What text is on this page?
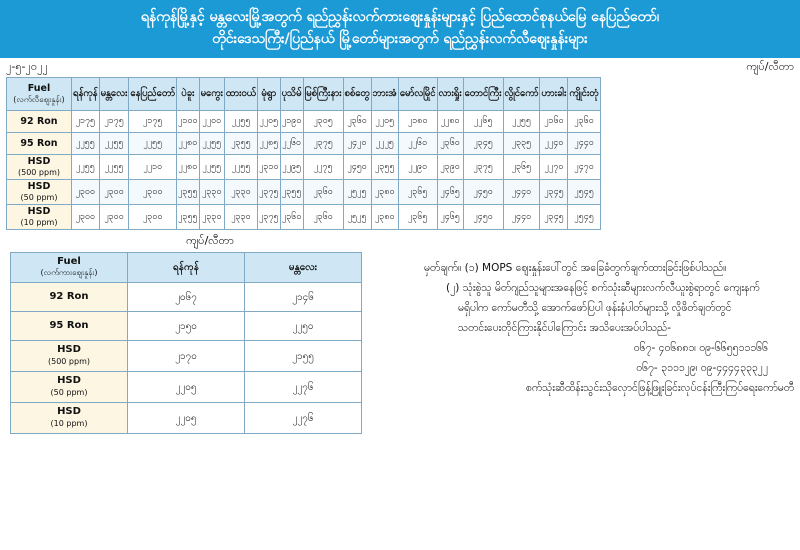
ရန်ကုန်မြို့နှင့် မန္တလေးမြို့အတွက် ရည်ညွှန်းလက်ကားဈေးနှုန်းများနှင့် ပြည်ထောင်စုနယ်မြေ နေပြည်တော်၊
တိုင်းဒေသကြီး/ပြည်နယ် မြို့တော်များအတွက် ရည်ညွှန်းလက်လီဈေးနှုန်းများ
၂-၅-၂၀၂၂	ကျပ်/လီတာ
Fuel
(လက်လီဈေးနှုန်း)	ရန်ကုန်	မန္တလေး	နေပြည်တော်	ပဲခူး	မကွေး	ထားဝယ်	မုံရွာ	ပုသိမ်	မြစ်ကြီးနား	စစ်တွေ	ဘားအံ	မော်လမြိုင်	လားရှိုး	တောင်ကြီး	လွိုင်ကော်	ဟားခါး	ကျိုင်းတုံ
92 Ron	၂၁၇၅	၂၁၇၅	၂၁၇၅	၂၁၀၀	၂၂၀၀	၂၂၅၅	၂၂၀၅	၂၁၉၀	၂၃၀၅	၂၃၆၀	၂၂၀၅	၂၁၈၀	၂၂၈၀	၂၂၆၅	၂၂၅၅	၂၁၆၀	၂၃၆၀
95 Ron	၂၂၅၅	၂၂၅၅	၂၂၅၅	၂၂၈၀	၂၂၅၅	၂၃၅၅	၂၂၈၅	၂၂၆၀	၂၃၇၅	၂၄၂၀	၂၂၂၅	၂၂၆၀	၂၃၆၀	၂၃၄၅	၂၃၃၅	၂၂၄၀	၂၄၄၀
HSD
(500 ppm)	၂၂၅၅	၂၂၅၅	၂၂၁၀	၂၂၈၀	၂၂၅၅	၂၂၅၅	၂၃၁၀	၂၂၉၅	၂၂၇၅	၂၄၅၀	၂၃၅၅	၂၂၉၀	၂၃၉၀	၂၃၇၅	၂၃၆၅	၂၂၇၀	၂၄၇၀
HSD
(50 ppm)	၂၃၀၀	၂၃၀၀	၂၃၀၀	၂၃၅၅	၂၃၃၀	၂၃၃၀	၂၃၇၅	၂၃၅၅	၂၃၆၀	၂၅၂၅	၂၃၈၀	၂၃၆၅	၂၄၆၅	၂၄၅၀	၂၄၄၀	၂၃၄၅	၂၅၄၅
HSD
(10 ppm)	၂၃၀၀	၂၃၀၀	၂၃၀၀	၂၃၅၅	၂၃၃၀	၂၃၃၀	၂၃၇၅	၂၃၆၀	၂၃၆၀	၂၅၂၅	၂၃၈၀	၂၃၆၅	၂၄၆၅	၂၄၅၀	၂၄၄၀	၂၃၄၅	၂၅၄၅
ကျပ်/လီတာ
Fuel
(လက်ကားဈေးနှုန်း)	ရန်ကုန်	မန္တလေး
92 Ron	၂၀၆၇	၂၁၄၆
95 Ron	၂၁၅၀	၂၂၅၀
HSD
(500 ppm)	၂၁၇၀	၂၁၅၅
HSD
(50 ppm)	၂၂၀၅	၂၂၇၆
HSD
(10 ppm)	၂၂၀၅	၂၂၇၆
မှတ်ချက်။ (၁) MOPS ဈေးနှုန်းပေါ်တွင် အခြေခံတွက်ချက်ထားခြင်းဖြစ်ပါသည်။
(၂) သုံးစွဲသူ မိတ်ဂျည်သူများအနေဖြင့် စက်သုံးဆီများလက်လီယူးစွဲရာတွင် ကျေးနက်
မရှိပါက ကော်မတီသို့ အောက်ဖော်ပြပါ ဖုန်းနံပါတ်များသို့ လှိုဖိတ်ချတ်တွင်
သတင်းပေးတိုင်ကြားနိုင်ပါကြောင်း အသိပေးအပ်ပါသည်-
၀၆၇- ၄၀၆၈၈၁၊ ၀၉-၆၆၅၅၁၁၁၆၆
၀၆၇- ၃၁၁၁၂၉၊ ၀၉-၄၄၄၄၃၃၃၂၂
စက်သုံးဆီထိန်းသွင်းသိုလှောင်ဖြန့်ဖြူးခြင်းလုပ်ငန်းကြီးကြပ်ရေးကော်မတီ
